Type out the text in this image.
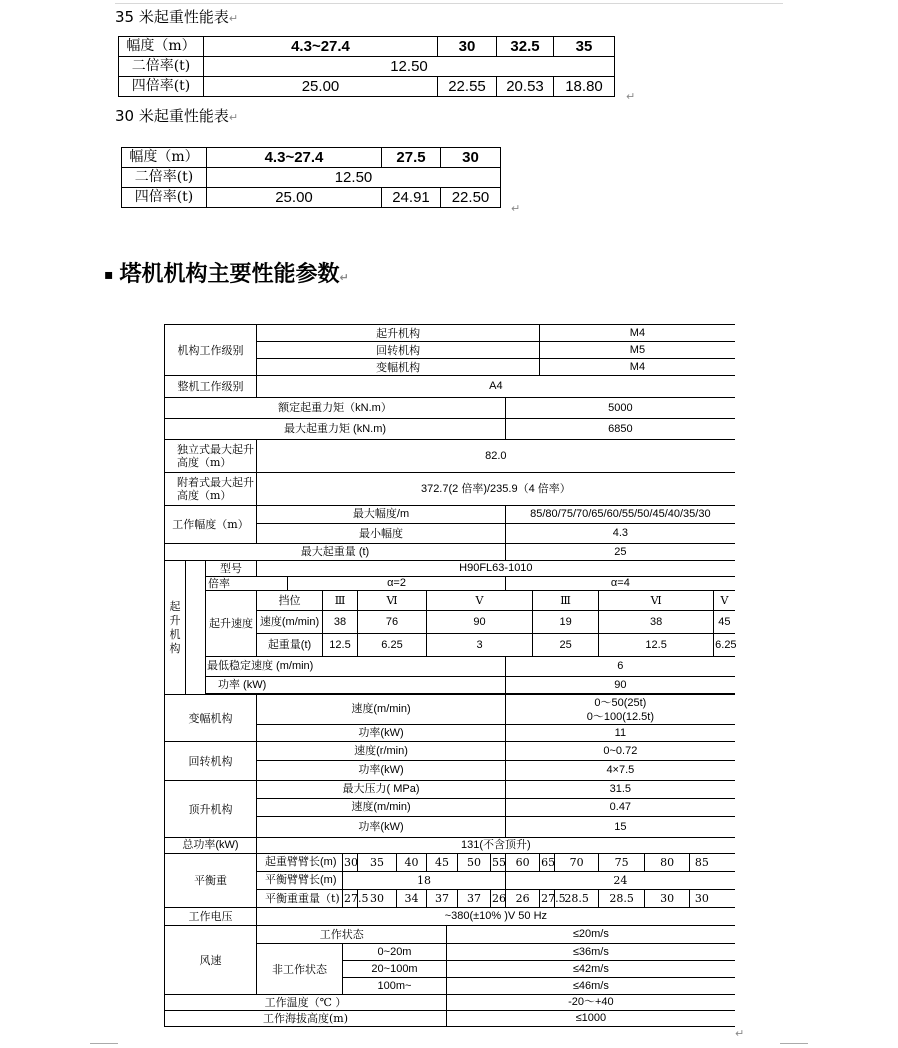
35 米起重性能表↵
幅度（m）	4.3~27.4	30	32.5	35
二倍率(t)	12.50			
四倍率(t)	25.00	22.55	20.53	18.80
↵
30 米起重性能表↵
幅度（m）	4.3~27.4	27.5	30
二倍率(t)	12.50		
四倍率(t)	25.00	24.91	22.50
↵
▪ 塔机机构主要性能参数↵
机构工作级别			起升机构												M4					
			回转机构												M5					
			变幅机构												M4					
整机工作级别			A4																	
额定起重力矩（kN.m）													5000							
最大起重力矩 (kN.m)													6850							
独立式最大起升高度（m）			82.0																	
附着式最大起升高度（m）			372.7(2 倍率)/235.9（4 倍率）																	
工作幅度（m）			最大幅度/m										85/80/75/70/65/60/55/50/45/40/35/30							
			最小幅度										4.3							
最大起重量 (t)													25							
起升机构		型号	H90FL63-1010																	
		倍率		α=2									α=4							
		起升速度	挡位		Ⅲ		Ⅵ		Ⅴ					Ⅲ			Ⅵ			Ⅴ
			速度(m/min)		38		76		90					19			38			45
			起重量(t)		12.5		6.25		3					25			12.5			6.25
		最低稳定速度 (m/min)											6							
		功率 (kW)											90							

变幅机构			速度(m/min)										0～50(25t)
0～100(12.5t)							
			功率(kW)										11							
回转机构			速度(r/min)										0~0.72							
			功率(kW)										4×7.5							
顶升机构			最大压力( MPa)										31.5							
			速度(m/min)										0.47							
			功率(kW)										15							
总功率(kW)			131(不含顶升)																	
平衡重			起重臂臂长(m)			30	35	40	45		50	55	60		65	70	75	80	85	
			平衡臂臂长(m)			18							24							
			平衡重重量（t)			27.5	30	34	37		37	26	26		27.5	28.5	28.5	30	30	
工作电压			~380(±10% )V 50 Hz																	
风速			工作状态							≤20m/s										
			非工作状态			0~20m				≤36m/s										
						20~100m				≤42m/s										
						100m~				≤46m/s										
工作温度（℃ ）										-20～+40										
工作海拔高度(m)										≤1000										
↵
